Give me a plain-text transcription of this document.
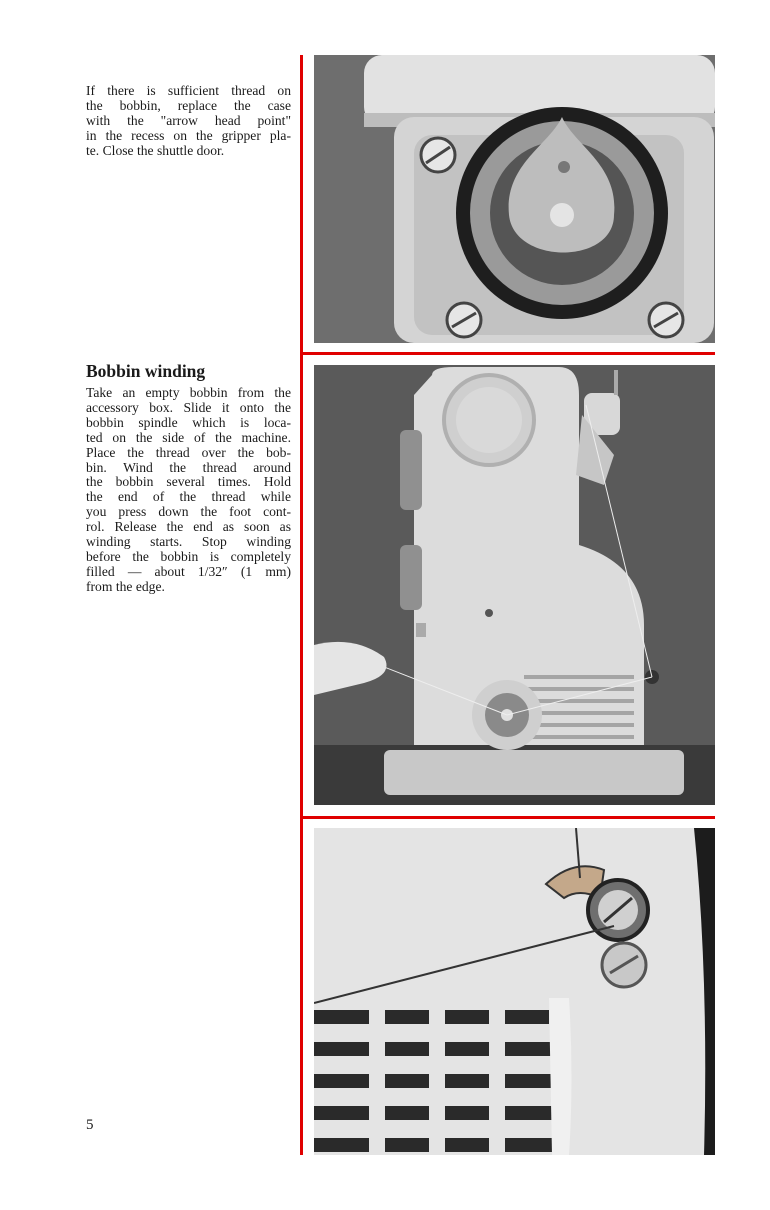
If there is sufficient thread on
the bobbin, replace the case
with the "arrow head point"
in the recess on the gripper pla-
te. Close the shuttle door.
Bobbin winding
Take an empty bobbin from the
accessory box. Slide it onto the
bobbin spindle which is loca-
ted on the side of the machine.
Place the thread over the bob-
bin. Wind the thread around
the bobbin several times. Hold
the end of the thread while
you press down the foot cont-
rol. Release the end as soon as
winding starts. Stop winding
before the bobbin is completely
filled — about 1/32″ (1 mm)
from the edge.
5
